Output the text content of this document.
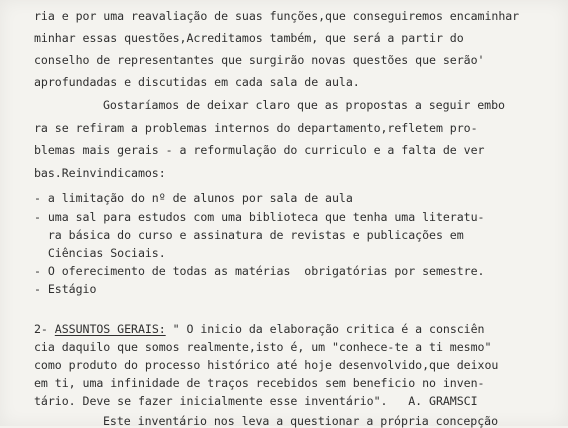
ria e por uma reavaliação de suas funções,que conseguiremos encaminhar
minhar essas questões,Acreditamos também, que será a partir do
conselho de representantes que surgirão novas questões que serão'
aprofundadas e discutidas em cada sala de aula.
Gostaríamos de deixar claro que as propostas a seguir embo
ra se refiram a problemas internos do departamento,refletem pro-
blemas mais gerais - a reformulação do curriculo e a falta de ver
bas.Reinvindicamos:
- a limitação do nº de alunos por sala de aula
- uma sal para estudos com uma biblioteca que tenha uma literatu-
ra básica do curso e assinatura de revistas e publicações em
Ciências Sociais.
- O oferecimento de todas as matérias  obrigatórias por semestre.
- Estágio
2- ASSUNTOS GERAIS: " O inicio da elaboração critica é a consciên
cia daquilo que somos realmente,isto é, um "conhece-te a ti mesmo"
como produto do processo histórico até hoje desenvolvido,que deixou
em ti, uma infinidade de traços recebidos sem beneficio no inven-
tário. Deve se fazer inicialmente esse inventário".   A. GRAMSCI
Este inventário nos leva a questionar a própria concepção
